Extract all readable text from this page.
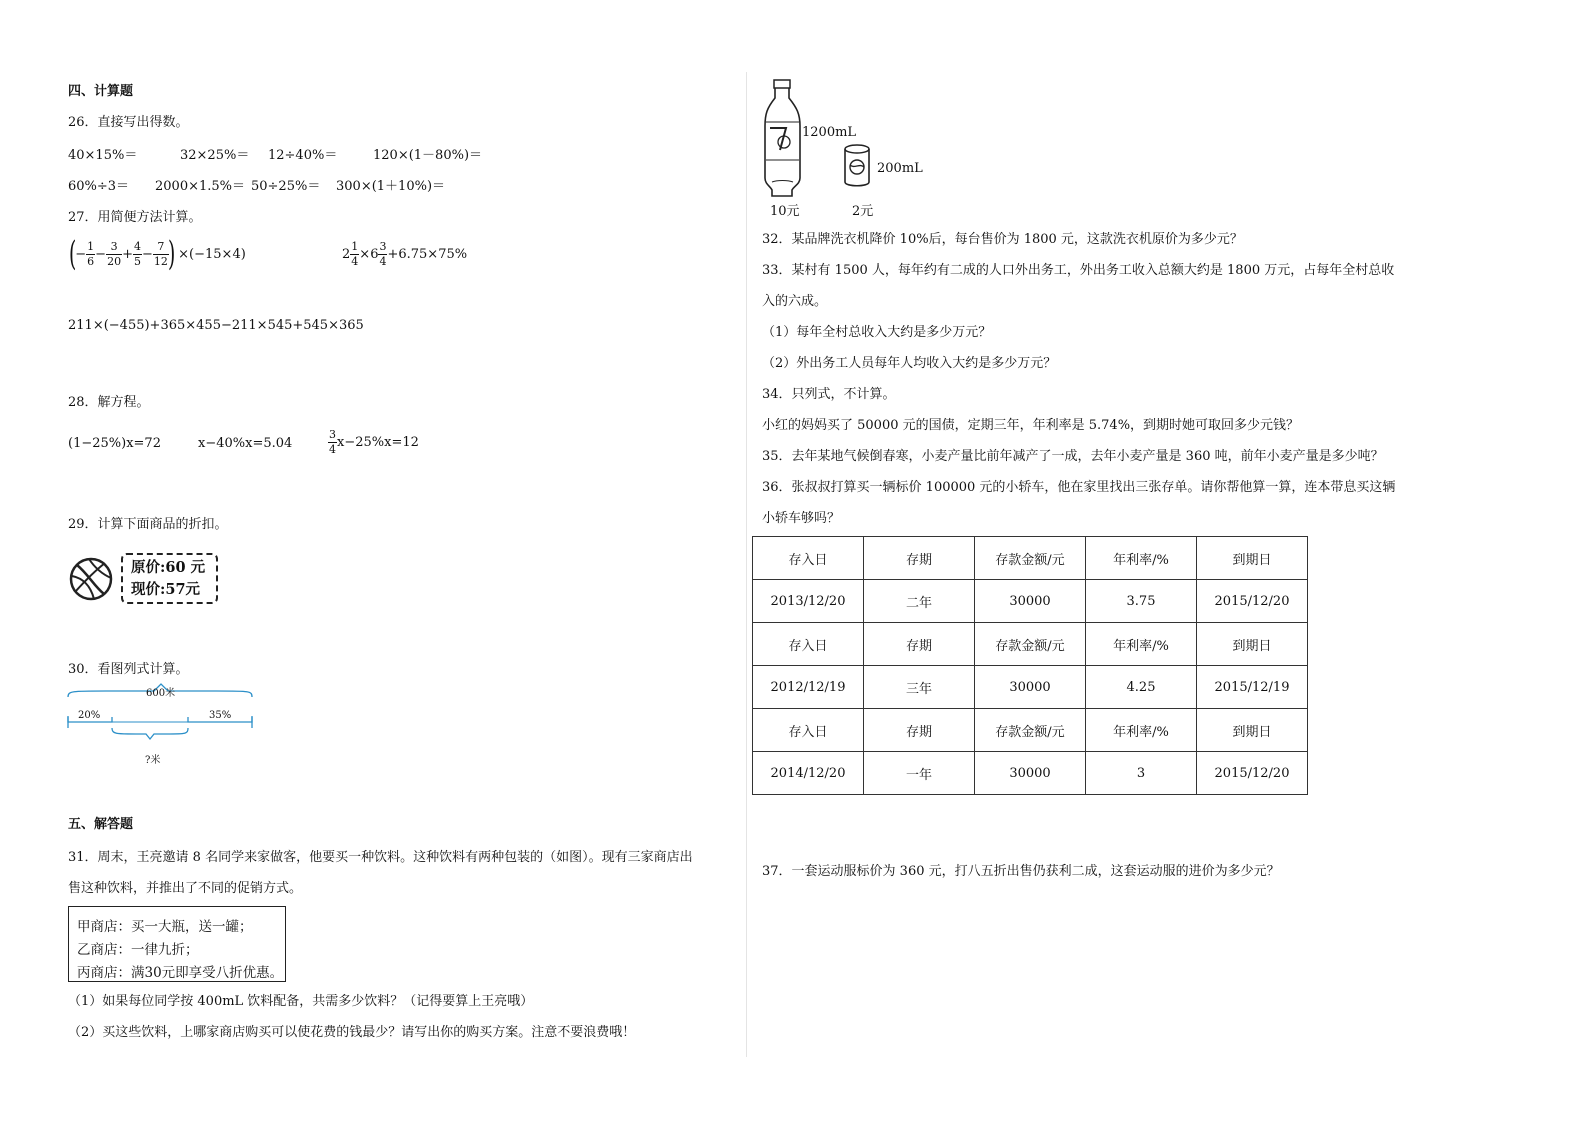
四、计算题
26．直接写出得数。
40×15%＝	32×25%＝ 12÷40%＝	120×(1－80%)＝
60%÷3＝ 2000×1.5%＝ 50÷25%＝ 300×(1＋10%)＝
27．用简便方法计算。
(
− $\frac{1}{6} - \frac{3}{20} + \frac{4}{5} - \frac{7}{12}$
) ×(−15×4)	$2 \frac{1}{4} \times 6 \frac{3}{4} +6.75\times 75\%$
211×(−455)+365×455−211×545+545×365
28．解方程。
(1−25%)x=72	x−40%x=5.04	$\frac{3}{4} x-25\%x=12$
29．计算下面商品的折扣。
原价:60 元
现价:57元
30．看图列式计算。
600米
20%	35%
?米
五、解答题
31．周末，王亮邀请 8 名同学来家做客，他要买一种饮料。这种饮料有两种包装的（如图）。现有三家商店出
售这种饮料，并推出了不同的促销方式。
甲商店：买一大瓶，送一罐；
乙商店：一律九折；
丙商店：满30元即享受八折优惠。
（1）如果每位同学按 400mL 饮料配备，共需多少饮料？（记得要算上王亮哦）
（2）买这些饮料，上哪家商店购买可以使花费的钱最少？请写出你的购买方案。注意不要浪费哦！
1200mL
200mL
10元	2元
32．某品牌洗衣机降价 10%后，每台售价为 1800 元，这款洗衣机原价为多少元？
33．某村有 1500 人，每年约有二成的人口外出务工，外出务工收入总额大约是 1800 万元，占每年全村总收
入的六成。
（1）每年全村总收入大约是多少万元？
（2）外出务工人员每年人均收入大约是多少万元？
34．只列式，不计算。
小红的妈妈买了 50000 元的国债，定期三年，年利率是 5.74%，到期时她可取回多少元钱？
35．去年某地气候倒春寒，小麦产量比前年减产了一成，去年小麦产量是 360 吨，前年小麦产量是多少吨？
36．张叔叔打算买一辆标价 100000 元的小轿车，他在家里找出三张存单。请你帮他算一算，连本带息买这辆
小轿车够吗？
存入日	存期	存款金额/元	年利率/%	到期日
2013/12/20	二年	30000	3.75	2015/12/20
存入日	存期	存款金额/元	年利率/%	到期日
2012/12/19	三年	30000	4.25	2015/12/19
存入日	存期	存款金额/元	年利率/%	到期日
2014/12/20	一年	30000	3	2015/12/20
37．一套运动服标价为 360 元，打八五折出售仍获利二成，这套运动服的进价为多少元？
